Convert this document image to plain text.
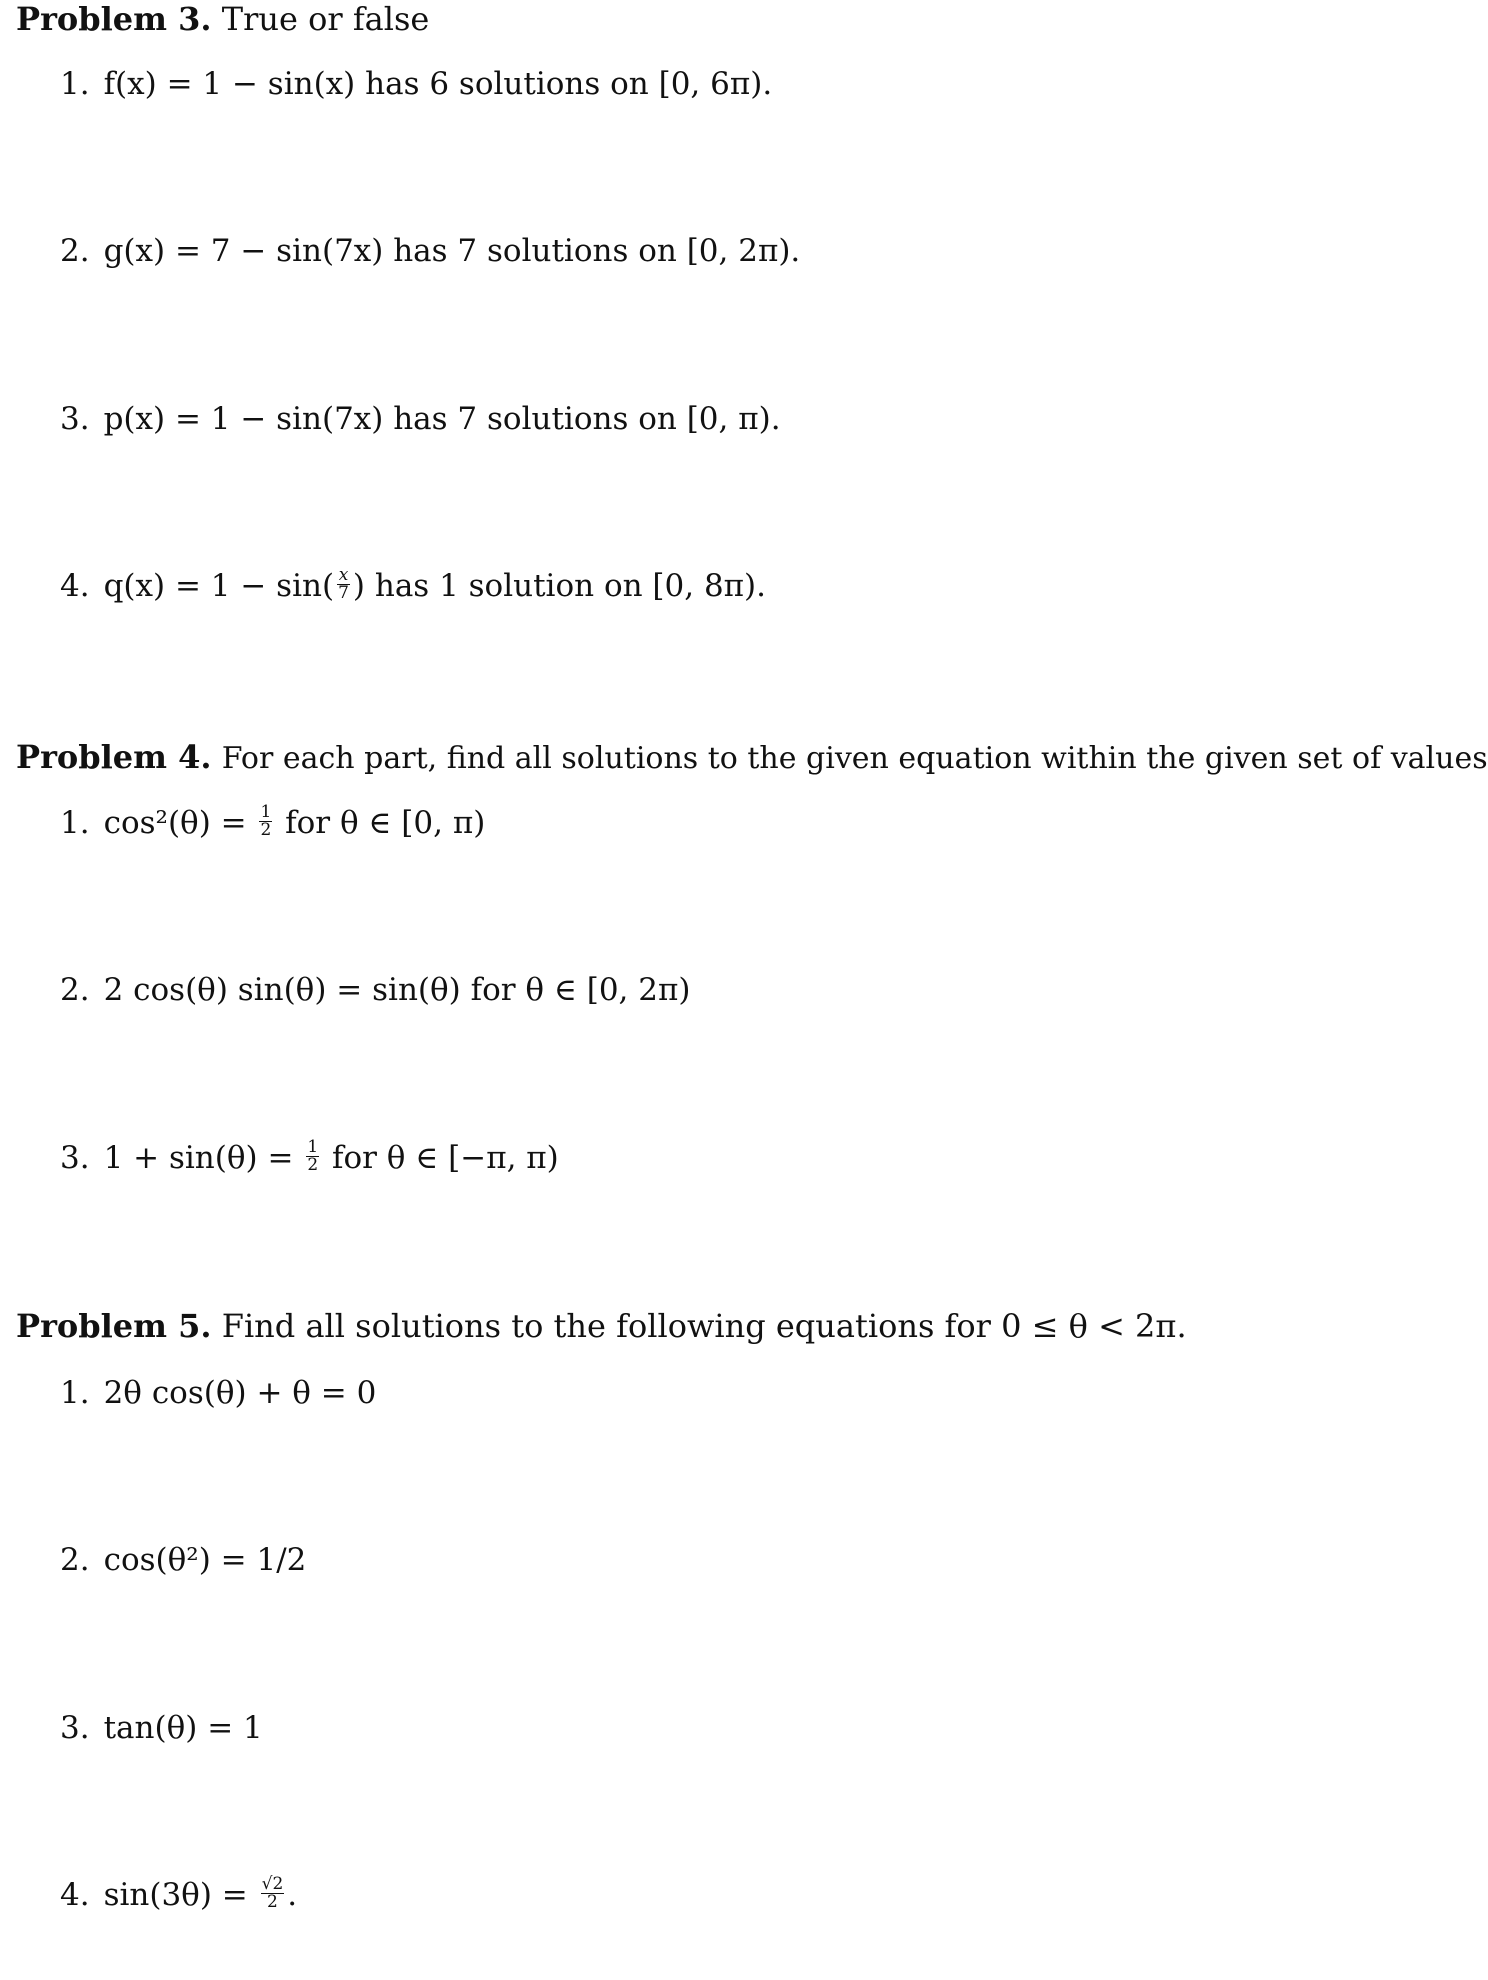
Problem 3. True or false
1. f(x) = 1 − sin(x) has 6 solutions on [0, 6π).
2. g(x) = 7 − sin(7x) has 7 solutions on [0, 2π).
3. p(x) = 1 − sin(7x) has 7 solutions on [0, π).
4. $q(x) = 1 - \sin( \frac{x}{7}$ ) has 1 solution on [0, 8π).
Problem 4. For each part, find all solutions to the given equation within the given set of values
1. $\cos^2(\theta) = \frac{1}{2}$ for θ ∈ [0, π)
2. 2 cos(θ) sin(θ) = sin(θ) for θ ∈ [0, 2π)
3. $1 + \sin(\theta) = \frac{1}{2}$ for θ ∈ [−π, π)
Problem 5. Find all solutions to the following equations for 0 ≤ θ < 2π.
1. 2θ cos(θ) + θ = 0
2. cos(θ²) = 1/2
3. tan(θ) = 1
4. $\sin(3\theta) = \frac{√2}{2}$ .
